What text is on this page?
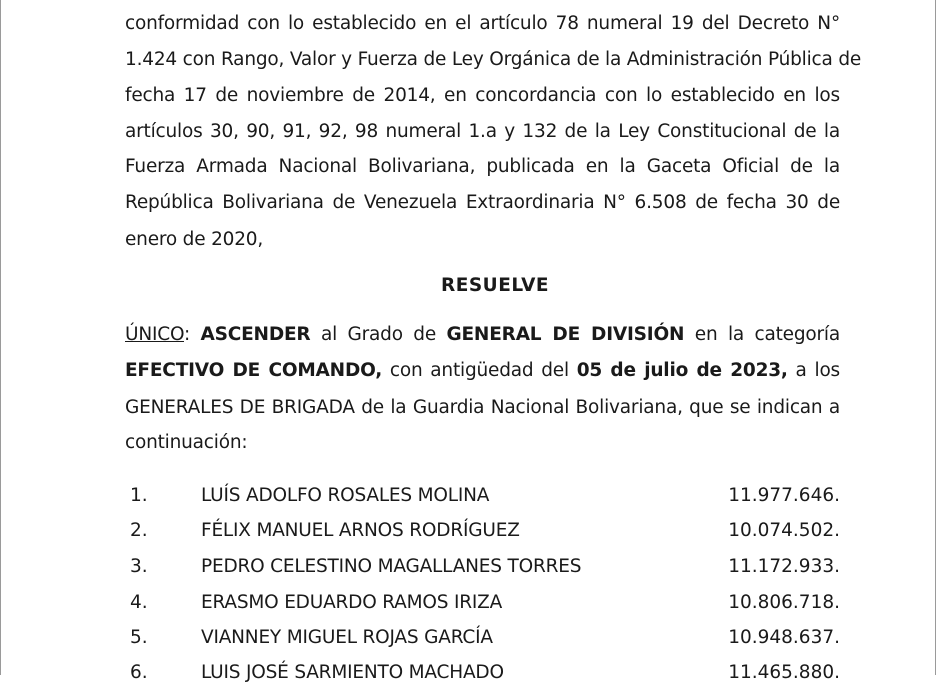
conformidad con lo establecido en el artículo 78 numeral 19 del Decreto N°
1.424 con Rango, Valor y Fuerza de Ley Orgánica de la Administración Pública de
fecha 17 de noviembre de 2014, en concordancia con lo establecido en los
artículos 30, 90, 91, 92, 98 numeral 1.a y 132 de la Ley Constitucional de la
Fuerza Armada Nacional Bolivariana, publicada en la Gaceta Oficial de la
República Bolivariana de Venezuela Extraordinaria N° 6.508 de fecha 30 de
enero de 2020,
RESUELVE
ÚNICO: ASCENDER al Grado de GENERAL DE DIVISIÓN en la categoría
EFECTIVO DE COMANDO, con antigüedad del 05 de julio de 2023, a los
GENERALES DE BRIGADA de la Guardia Nacional Bolivariana, que se indican a
continuación:
1.	LUÍS ADOLFO ROSALES MOLINA	11.977.646.
2.	FÉLIX MANUEL ARNOS RODRÍGUEZ	10.074.502.
3.	PEDRO CELESTINO MAGALLANES TORRES	11.172.933.
4.	ERASMO EDUARDO RAMOS IRIZA	10.806.718.
5.	VIANNEY MIGUEL ROJAS GARCÍA	10.948.637.
6.	LUIS JOSÉ SARMIENTO MACHADO	11.465.880.
